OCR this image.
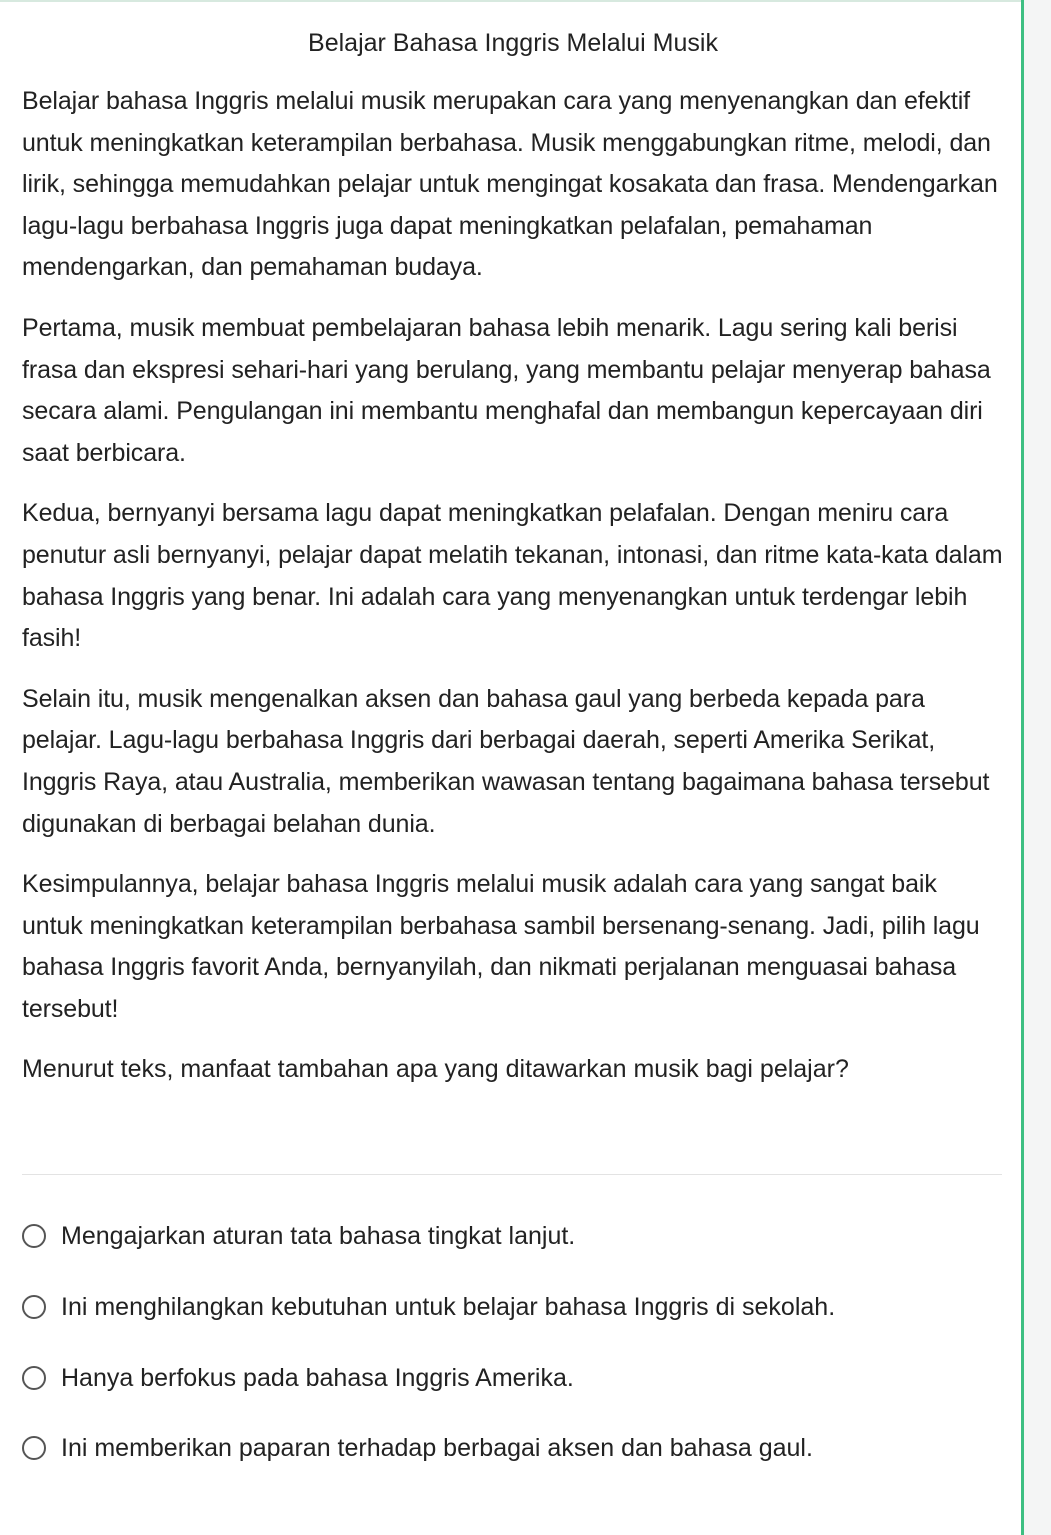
Belajar Bahasa Inggris Melalui Musik

Belajar bahasa Inggris melalui musik merupakan cara yang menyenangkan dan efektif untuk meningkatkan keterampilan berbahasa. Musik menggabungkan ritme, melodi, dan lirik, sehingga memudahkan pelajar untuk mengingat kosakata dan frasa. Mendengarkan lagu-lagu berbahasa Inggris juga dapat meningkatkan pelafalan, pemahaman mendengarkan, dan pemahaman budaya.

Pertama, musik membuat pembelajaran bahasa lebih menarik. Lagu sering kali berisi frasa dan ekspresi sehari-hari yang berulang, yang membantu pelajar menyerap bahasa secara alami. Pengulangan ini membantu menghafal dan membangun kepercayaan diri saat berbicara.

Kedua, bernyanyi bersama lagu dapat meningkatkan pelafalan. Dengan meniru cara penutur asli bernyanyi, pelajar dapat melatih tekanan, intonasi, dan ritme kata-kata dalam bahasa Inggris yang benar. Ini adalah cara yang menyenangkan untuk terdengar lebih fasih!

Selain itu, musik mengenalkan aksen dan bahasa gaul yang berbeda kepada para pelajar. Lagu-lagu berbahasa Inggris dari berbagai daerah, seperti Amerika Serikat, Inggris Raya, atau Australia, memberikan wawasan tentang bagaimana bahasa tersebut digunakan di berbagai belahan dunia.

Kesimpulannya, belajar bahasa Inggris melalui musik adalah cara yang sangat baik untuk meningkatkan keterampilan berbahasa sambil bersenang-senang. Jadi, pilih lagu bahasa Inggris favorit Anda, bernyanyilah, dan nikmati perjalanan menguasai bahasa tersebut!

Menurut teks, manfaat tambahan apa yang ditawarkan musik bagi pelajar?

Mengajarkan aturan tata bahasa tingkat lanjut.
Ini menghilangkan kebutuhan untuk belajar bahasa Inggris di sekolah.
Hanya berfokus pada bahasa Inggris Amerika.
Ini memberikan paparan terhadap berbagai aksen dan bahasa gaul.
